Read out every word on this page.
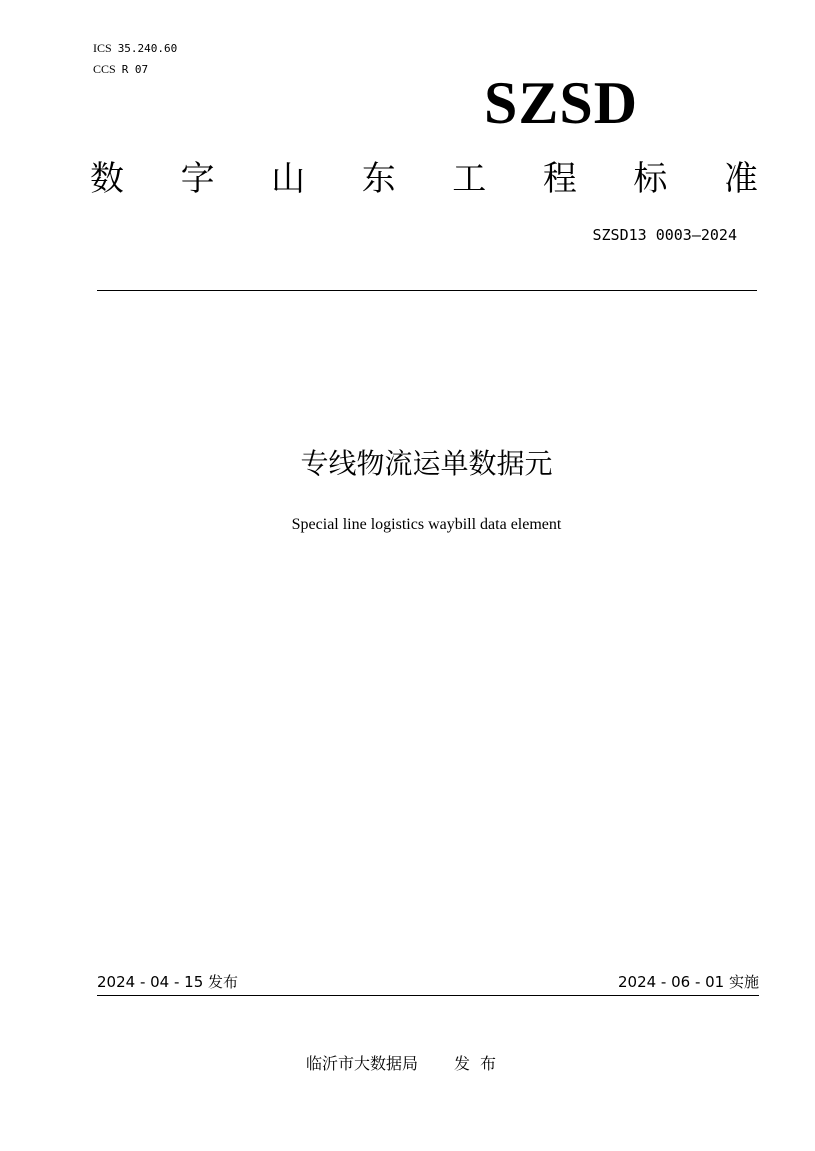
ICS 35.240.60
CCS R 07
SZSD
数 字 山 东 工 程 标 准
SZSD13 0003—2024
专线物流运单数据元
Special line logistics waybill data element
2024 - 04 - 15 发布	2024 - 06 - 01 实施
临沂市大数据局 发布
